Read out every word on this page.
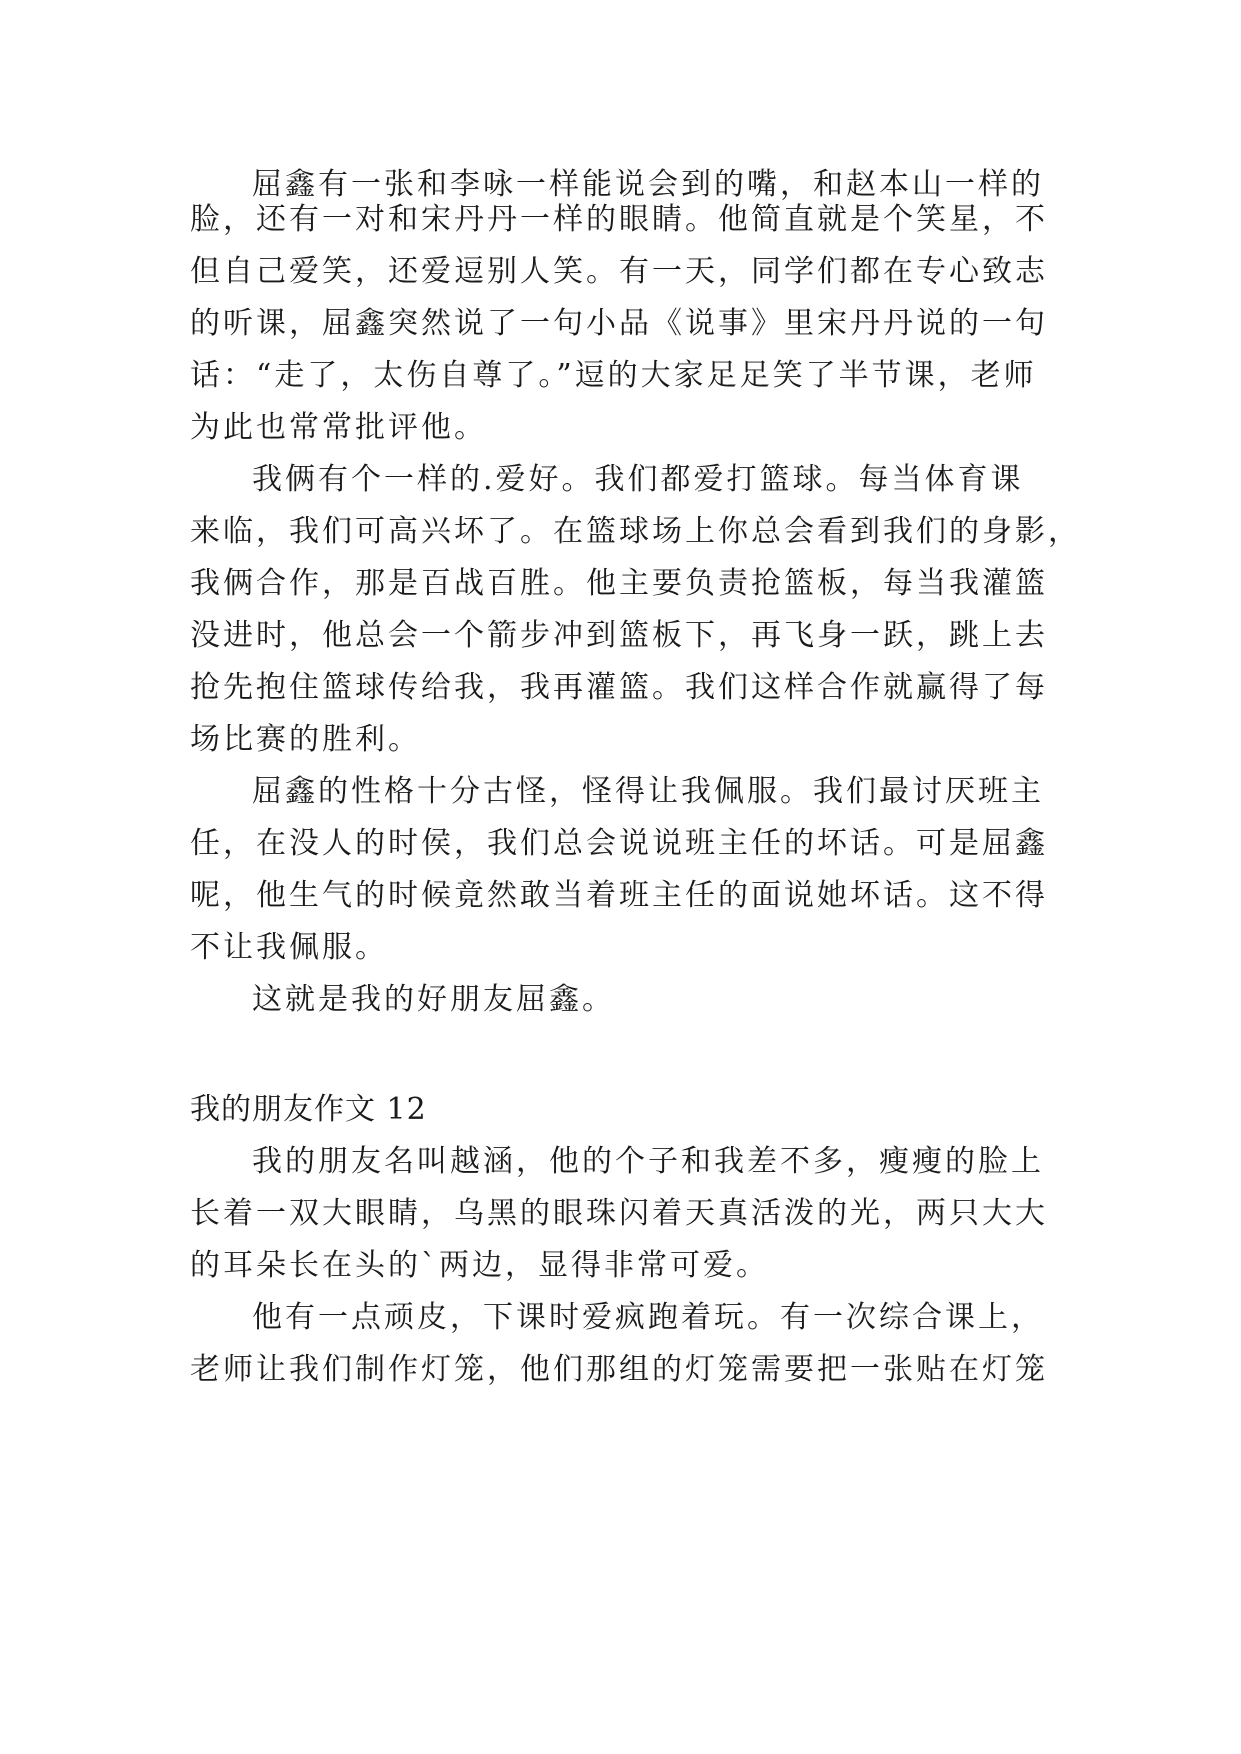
屈鑫有一张和李咏一样能说会到的嘴，和赵本山一样的
脸，还有一对和宋丹丹一样的眼睛。他简直就是个笑星，不
但自己爱笑，还爱逗别人笑。有一天，同学们都在专心致志
的听课，屈鑫突然说了一句小品《说事》里宋丹丹说的一句
话：“走了，太伤自尊了。”逗的大家足足笑了半节课，老师
为此也常常批评他。
我俩有个一样的.爱好。我们都爱打篮球。每当体育课
来临，我们可高兴坏了。在篮球场上你总会看到我们的身影，
我俩合作，那是百战百胜。他主要负责抢篮板，每当我灌篮
没进时，他总会一个箭步冲到篮板下，再飞身一跃，跳上去
抢先抱住篮球传给我，我再灌篮。我们这样合作就赢得了每
场比赛的胜利。
屈鑫的性格十分古怪，怪得让我佩服。我们最讨厌班主
任，在没人的时侯，我们总会说说班主任的坏话。可是屈鑫
呢，他生气的时候竟然敢当着班主任的面说她坏话。这不得
不让我佩服。
这就是我的好朋友屈鑫。
我的朋友作文 12
我的朋友名叫越涵，他的个子和我差不多，瘦瘦的脸上
长着一双大眼睛，乌黑的眼珠闪着天真活泼的光，两只大大
的耳朵长在头的`两边，显得非常可爱。
他有一点顽皮，下课时爱疯跑着玩。有一次综合课上，
老师让我们制作灯笼，他们那组的灯笼需要把一张贴在灯笼
